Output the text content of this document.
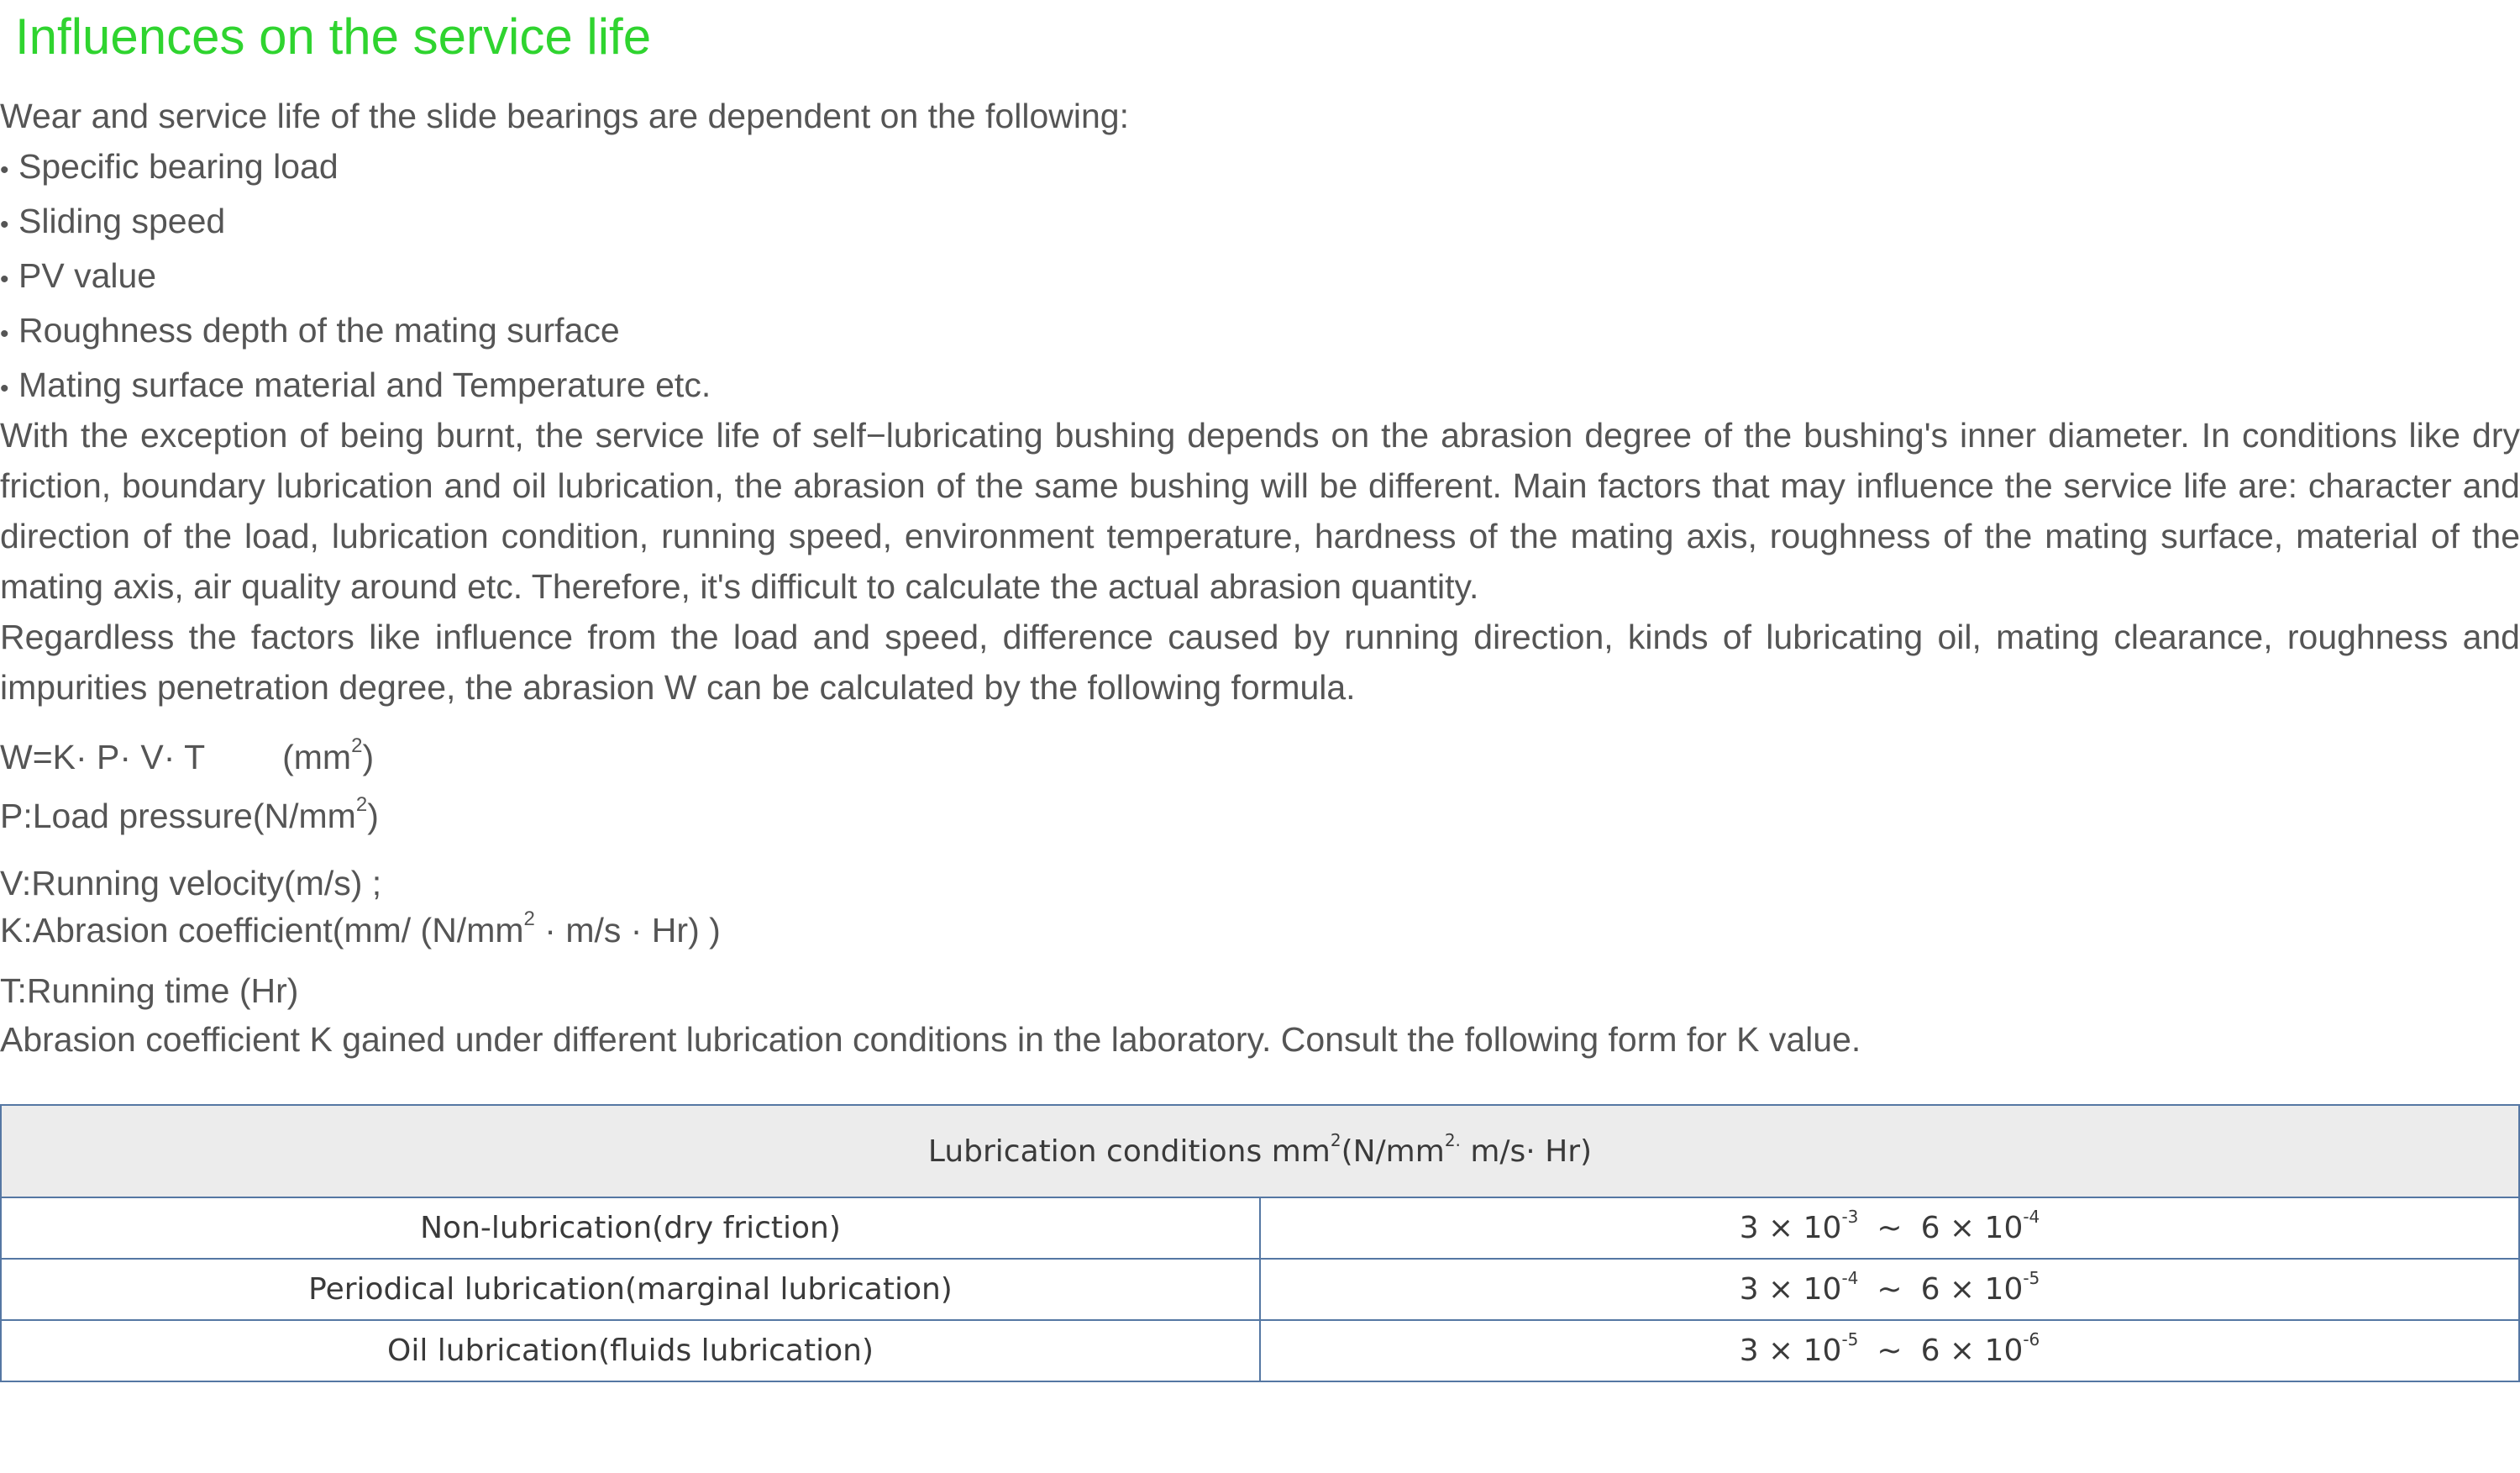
Influences on the service life

Wear and service life of the slide bearings are dependent on the following:

• Specific bearing load
• Sliding speed
• PV value
• Roughness depth of the mating surface
• Mating surface material and Temperature etc.

With the exception of being burnt, the service life of self−lubricating bushing depends on the abrasion degree of the bushing's inner diameter. In conditions like dry friction, boundary lubrication and oil lubrication, the abrasion of the same bushing will be different. Main factors that may influence the service life are: character and direction of the load, lubrication condition, running speed, environment temperature, hardness of the mating axis, roughness of the mating surface, material of the mating axis, air quality around etc. Therefore, it's difficult to calculate the actual abrasion quantity.

Regardless the factors like influence from the load and speed, difference caused by running direction, kinds of lubricating oil, mating clearance, roughness and impurities penetration degree, the abrasion W can be calculated by the following formula.

W=K· P· V· T $(mm^2)$
P:Load $pressure(N/mm^2)$
V:Running velocity(m/s) ;
K:Abrasion coefficient(mm/ $(N/mm^2 \cdot m/s \cdot Hr)$ )
T:Running time (Hr)
Abrasion coefficient K gained under different lubrication conditions in the laboratory. Consult the following form for K value.
Lubrication conditions $mm^2(N/mm^{2.}$ m/s· Hr)	
Non-lubrication(dry friction)	$3 \times 10^{-3}$ ~ $6 \times 10^{-4}$
Periodical lubrication(marginal lubrication)	$3 \times 10^{-4}$ ~ $6 \times 10^{-5}$
Oil lubrication(fluids lubrication)	$3 \times 10^{-5}$ ~ $6 \times 10^{-6}$
